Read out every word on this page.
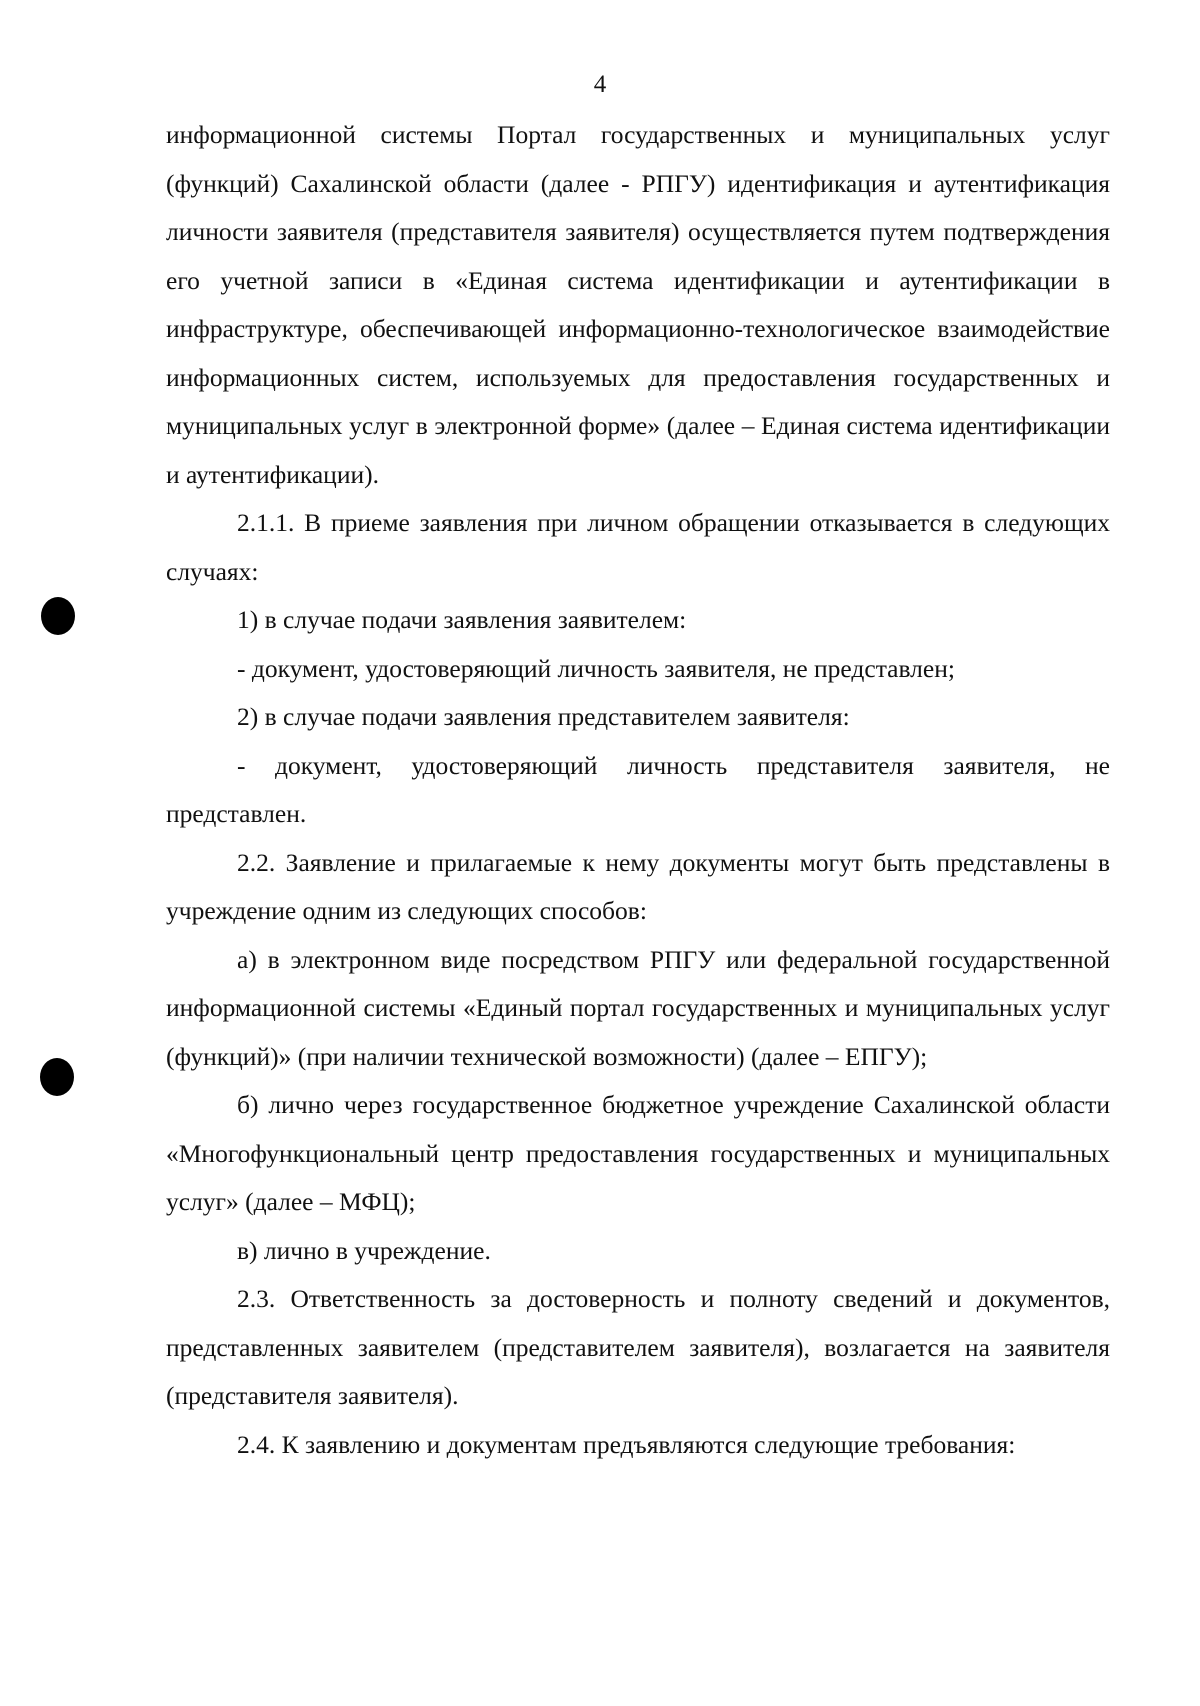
4

информационной системы Портал государственных и муниципальных услуг (функций) Сахалинской области (далее - РПГУ) идентификация и аутентификация личности заявителя (представителя заявителя) осуществляется путем подтверждения его учетной записи в «Единая система идентификации и аутентификации в инфраструктуре, обеспечивающей информационно-технологическое взаимодействие информационных систем, используемых для предоставления государственных и муниципальных услуг в электронной форме» (далее – Единая система идентификации и аутентификации).

2.1.1. В приеме заявления при личном обращении отказывается в следующих случаях:

1) в случае подачи заявления заявителем:

- документ, удостоверяющий личность заявителя, не представлен;

2) в случае подачи заявления представителем заявителя:

- документ, удостоверяющий личность представителя заявителя, не представлен.

2.2. Заявление и прилагаемые к нему документы могут быть представлены в учреждение одним из следующих способов:

а) в электронном виде посредством РПГУ или федеральной государственной информационной системы «Единый портал государственных и муниципальных услуг (функций)» (при наличии технической возможности) (далее – ЕПГУ);

б) лично через государственное бюджетное учреждение Сахалинской области «Многофункциональный центр предоставления государственных и муниципальных услуг» (далее – МФЦ);

в) лично в учреждение.

2.3. Ответственность за достоверность и полноту сведений и документов, представленных заявителем (представителем заявителя), возлагается на заявителя (представителя заявителя).

2.4. К заявлению и документам предъявляются следующие требования:
